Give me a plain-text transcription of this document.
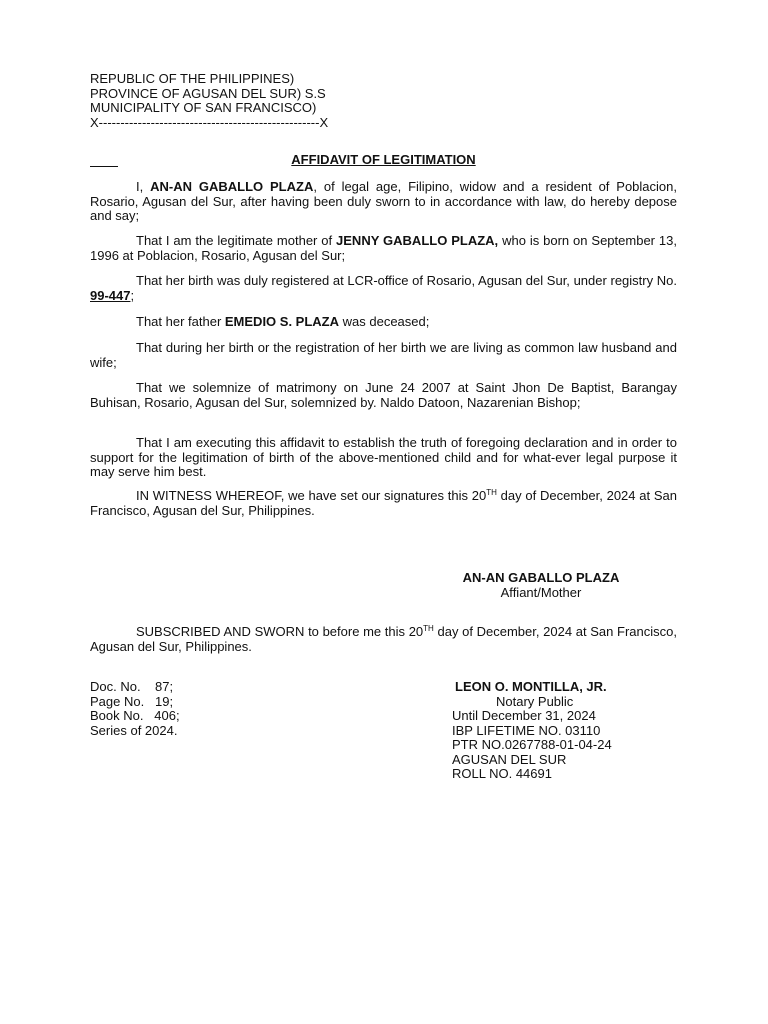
REPUBLIC OF THE PHILIPPINES)
PROVINCE OF AGUSAN DEL SUR) S.S
MUNICIPALITY OF SAN FRANCISCO)
X---------------------------------------------------X
AFFIDAVIT OF LEGITIMATION

I, AN-AN GABALLO PLAZA, of legal age, Filipino, widow and a resident of Poblacion, Rosario, Agusan del Sur, after having been duly sworn to in accordance with law, do hereby depose and say;

That I am the legitimate mother of JENNY GABALLO PLAZA, who is born on September 13, 1996 at Poblacion, Rosario, Agusan del Sur;

That her birth was duly registered at LCR-office of Rosario, Agusan del Sur, under registry No. 99-447;

That her father EMEDIO S. PLAZA was deceased;

That during her birth or the registration of her birth we are living as common law husband and wife;

That we solemnize of matrimony on June 24 2007 at Saint Jhon De Baptist, Barangay Buhisan, Rosario, Agusan del Sur, solemnized by. Naldo Datoon, Nazarenian Bishop;

That I am executing this affidavit to establish the truth of foregoing declaration and in order to support for the legitimation of birth of the above-mentioned child and for what-ever legal purpose it may serve him best.

IN WITNESS WHEREOF, we have set our signatures this 20TH day of December, 2024 at San Francisco, Agusan del Sur, Philippines.

AN-AN GABALLO PLAZA
Affiant/Mother

SUBSCRIBED AND SWORN to before me this 20TH day of December, 2024 at San Francisco, Agusan del Sur, Philippines.

Doc. No.    87;
Page No.   19;
Book No.   406;
Series of 2024.
LEON O. MONTILLA, JR.
Notary Public
Until December 31, 2024
IBP LIFETIME NO. 03110
PTR NO.0267788-01-04-24
AGUSAN DEL SUR
ROLL NO. 44691
